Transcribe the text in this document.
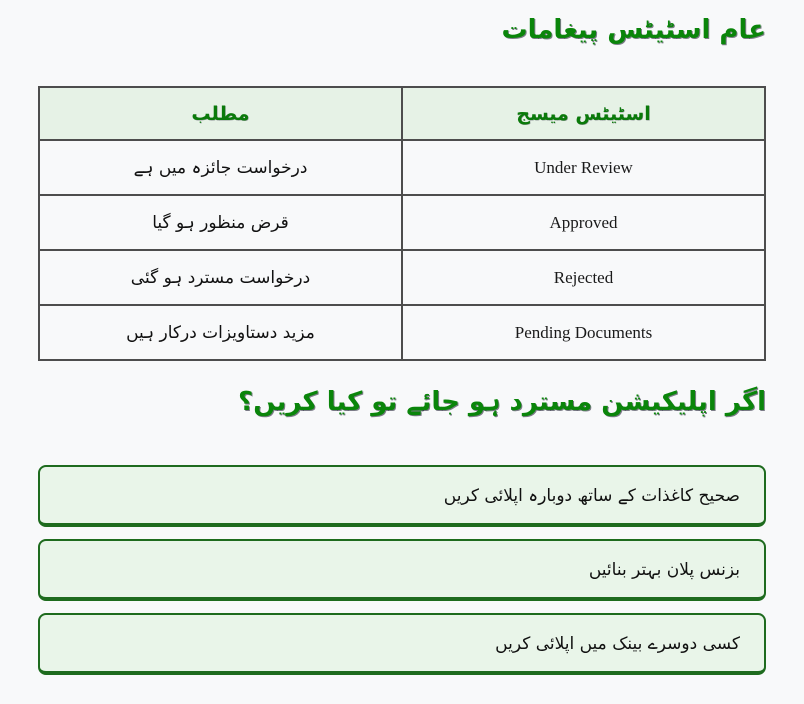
عام اسٹیٹس پیغامات
اسٹیٹس میسج	مطلب
Under Review	درخواست جائزہ میں ہے
Approved	قرض منظور ہو گیا
Rejected	درخواست مسترد ہو گئی
Pending Documents	مزید دستاویزات درکار ہیں
اگر اپلیکیشن مسترد ہو جائے تو کیا کریں؟
صحیح کاغذات کے ساتھ دوبارہ اپلائی کریں
بزنس پلان بہتر بنائیں
کسی دوسرے بینک میں اپلائی کریں
